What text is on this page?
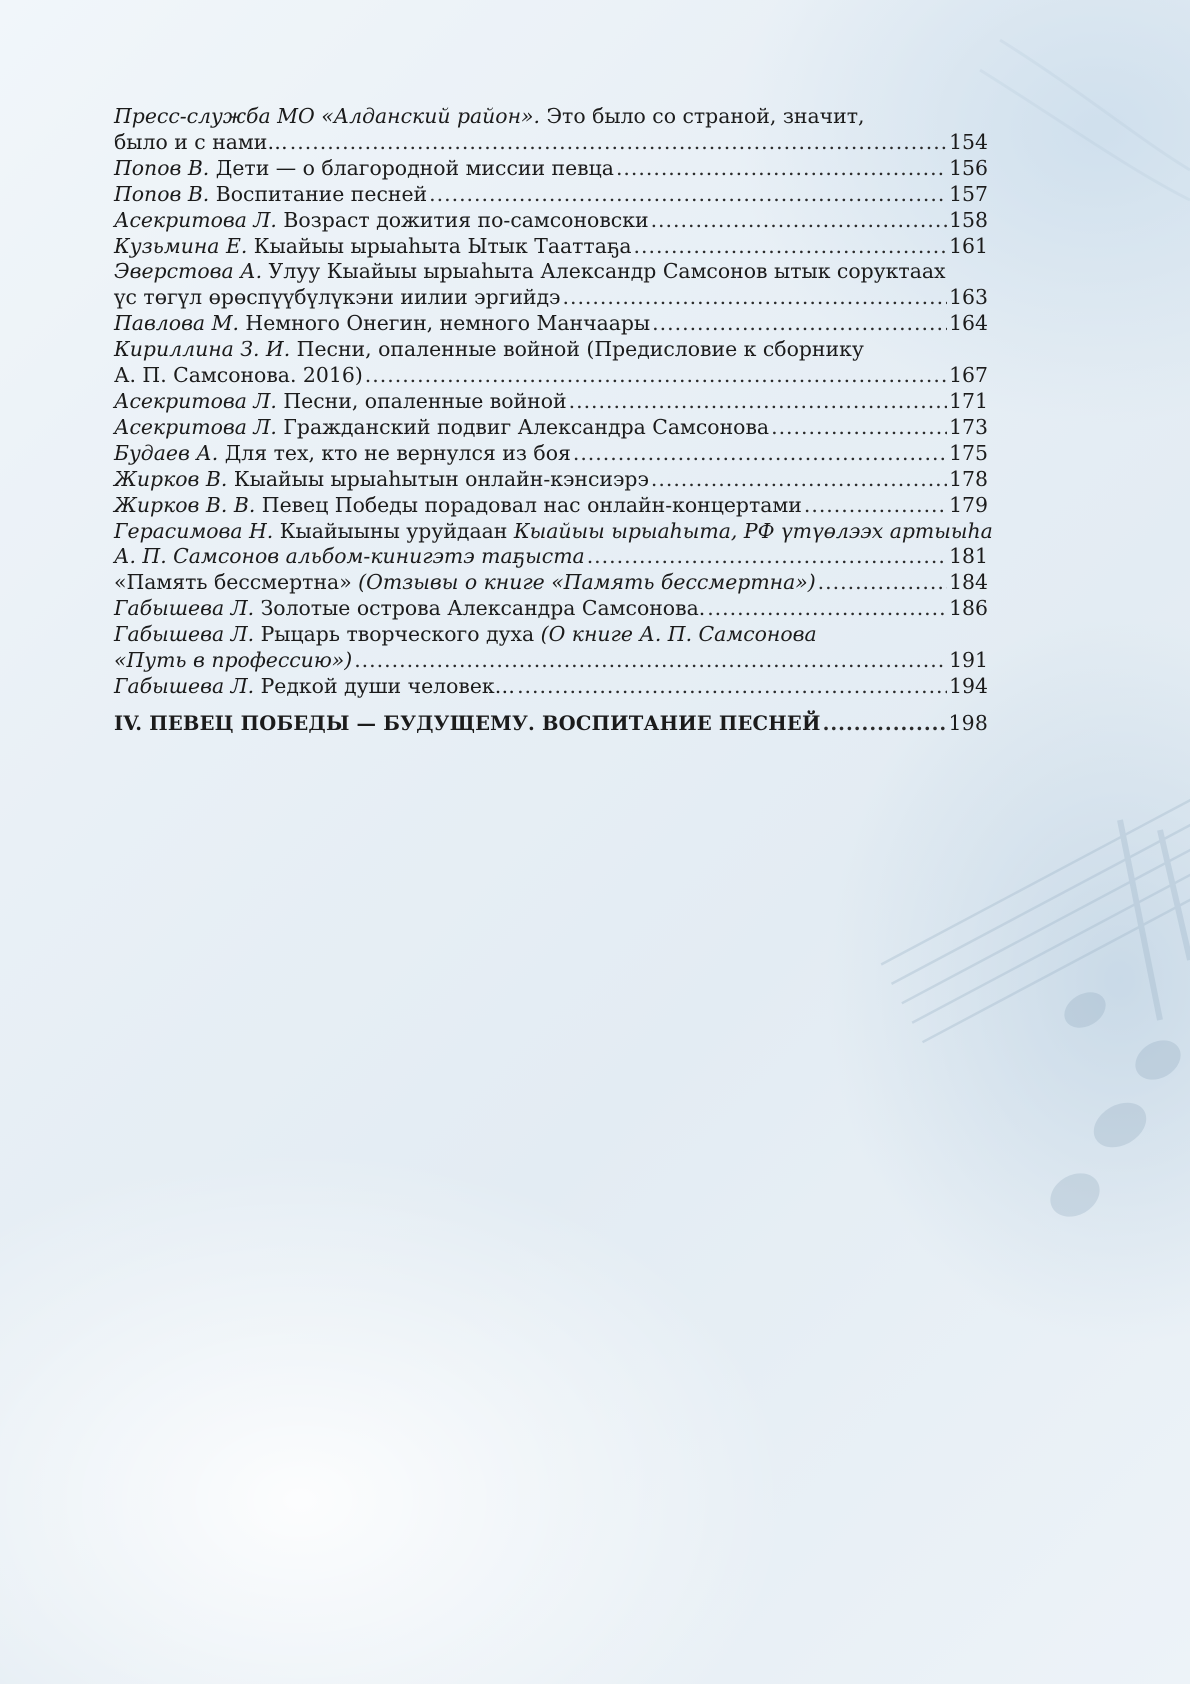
Пресс-служба МО «Алданский район». Это было со страной, значит,
было и с нами… .....	154
Попов В. Дети — о благородной миссии певца .....	156
Попов В. Воспитание песней .....	157
Асекритова Л. Возраст дожития по-самсоновски .....	158
Кузьмина Е. Кыайыы ырыаһыта Ытык Тааттаҕа .....	161
Эверстова А. Улуу Кыайыы ырыаһыта Александр Самсонов ытык соруктаах
үс төгүл өрөспүүбүлүкэни иилии эргийдэ .....	163
Павлова М. Немного Онегин, немного Манчаары .....	164
Кириллина З. И. Песни, опаленные войной (Предисловие к сборнику
А. П. Самсонова. 2016) .....	167
Асекритова Л. Песни, опаленные войной .....	171
Асекритова Л. Гражданский подвиг Александра Самсонова .....	173
Будаев А. Для тех, кто не вернулся из боя .....	175
Жирков В. Кыайыы ырыаһытын онлайн-кэнсиэрэ .....	178
Жирков В. В. Певец Победы порадовал нас онлайн-концертами .....	179
Герасимова Н. Кыайыыны уруйдаан Кыайыы ырыаһыта, РФ үтүөлээх артыыһа
А. П. Самсонов альбом-кинигэтэ таҕыста .....	181
«Память бессмертна» (Отзывы о книге «Память бессмертна») .....	184
Габышева Л. Золотые острова Александра Самсонова. .....	186
Габышева Л. Рыцарь творческого духа (О книге А. П. Самсонова
«Путь в профессию») .....	191
Габышева Л. Редкой души человек… .....	194
IV. ПЕВЕЦ ПОБЕДЫ — БУДУЩЕМУ. ВОСПИТАНИЕ ПЕСНЕЙ .....	198
